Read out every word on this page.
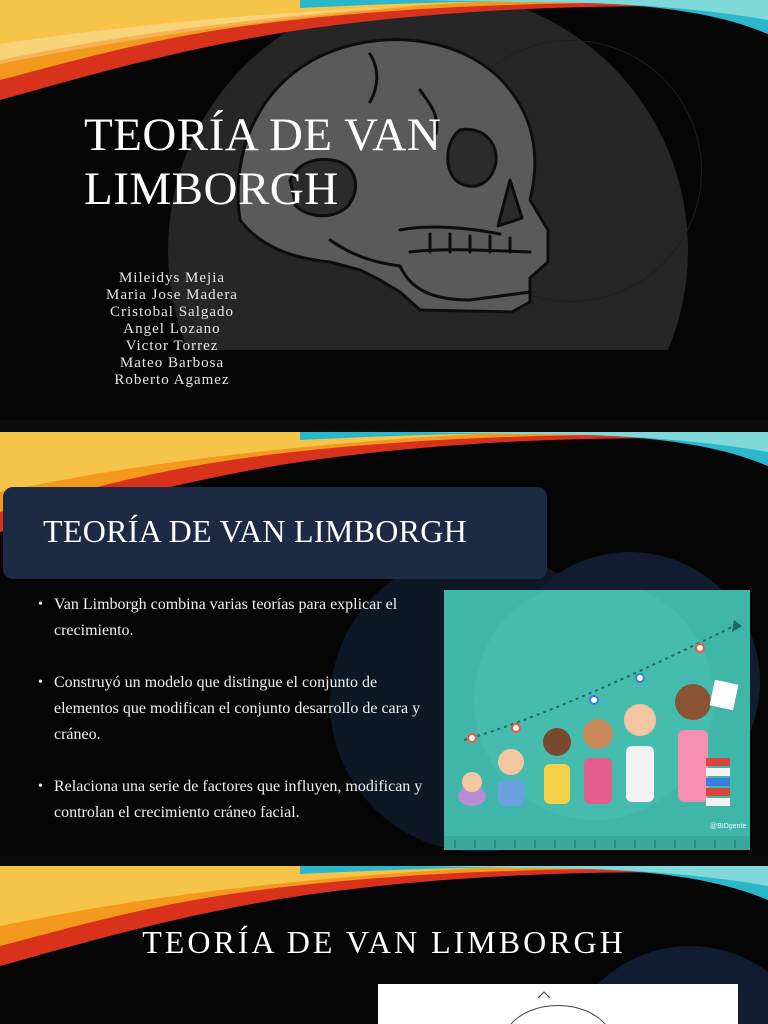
TEORÍA DE VAN
LIMBORGH
Mileidys Mejia
Maria Jose Madera
Cristobal Salgado
Angel Lozano
Victor Torrez
Mateo Barbosa
Roberto Agamez
TEORÍA DE VAN LIMBORGH
• Van Limborgh combina varias teorías para explicar el crecimiento.
• Construyó un modelo que distingue el conjunto de elementos que modifican el conjunto desarrollo de cara y cráneo.
• Relaciona una serie de factores que influyen, modifican y controlan el crecimiento cráneo facial.
@BIDgente
TEORÍA DE VAN LIMBORGH
